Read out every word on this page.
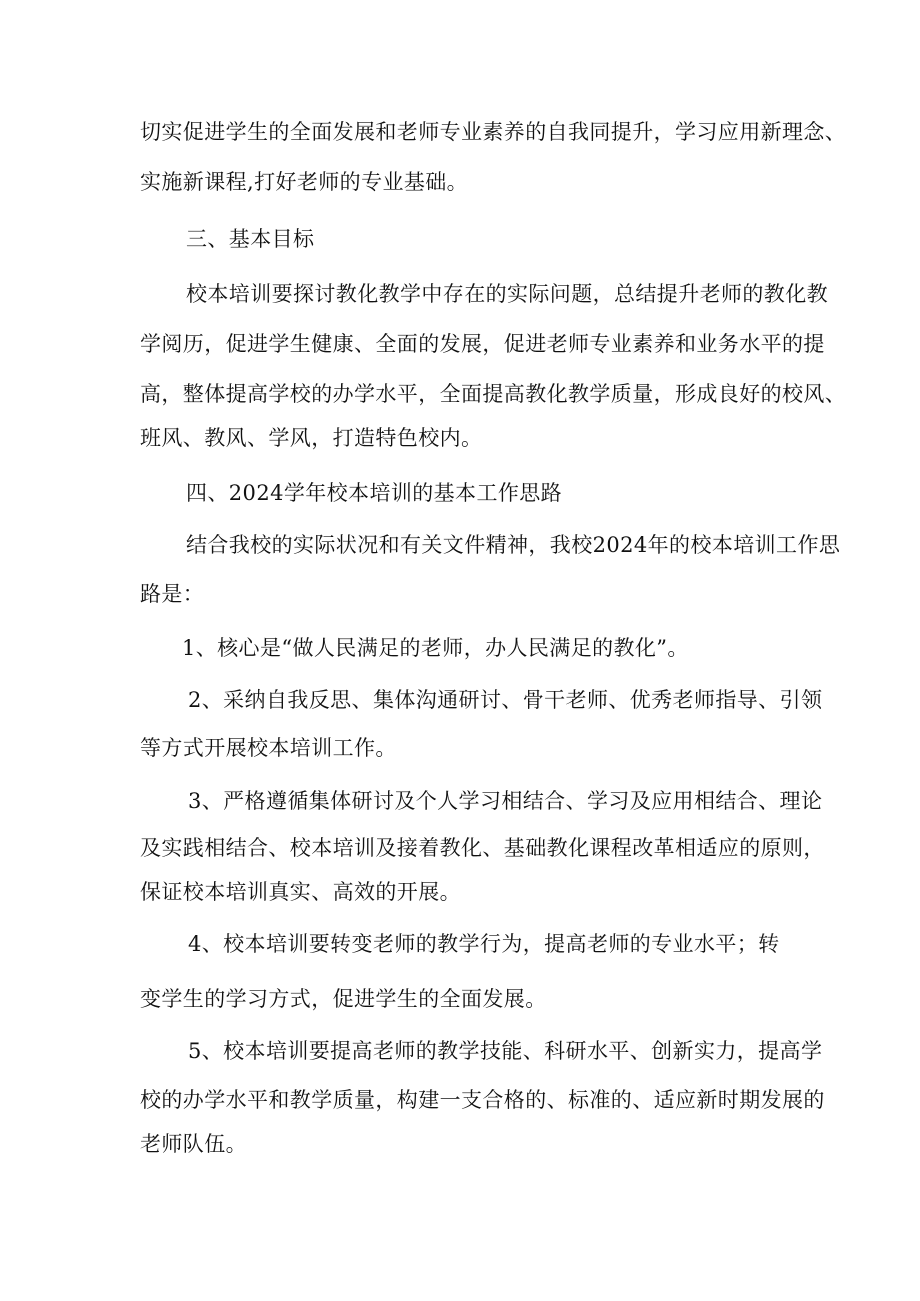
切实促进学生的全面发展和老师专业素养的自我同提升，学习应用新理念、
实施新课程,打好老师的专业基础。
三、基本目标
校本培训要探讨教化教学中存在的实际问题，总结提升老师的教化教
学阅历，促进学生健康、全面的发展，促进老师专业素养和业务水平的提
高，整体提高学校的办学水平，全面提高教化教学质量，形成良好的校风、
班风、教风、学风，打造特色校内。
四、2024学年校本培训的基本工作思路
结合我校的实际状况和有关文件精神，我校2024年的校本培训工作思
路是：
1、核心是“做人民满足的老师，办人民满足的教化”。
2、采纳自我反思、集体沟通研讨、骨干老师、优秀老师指导、引领
等方式开展校本培训工作。
3、严格遵循集体研讨及个人学习相结合、学习及应用相结合、理论
及实践相结合、校本培训及接着教化、基础教化课程改革相适应的原则，
保证校本培训真实、高效的开展。
4、校本培训要转变老师的教学行为，提高老师的专业水平；转
变学生的学习方式，促进学生的全面发展。
5、校本培训要提高老师的教学技能、科研水平、创新实力，提高学
校的办学水平和教学质量，构建一支合格的、标准的、适应新时期发展的
老师队伍。
